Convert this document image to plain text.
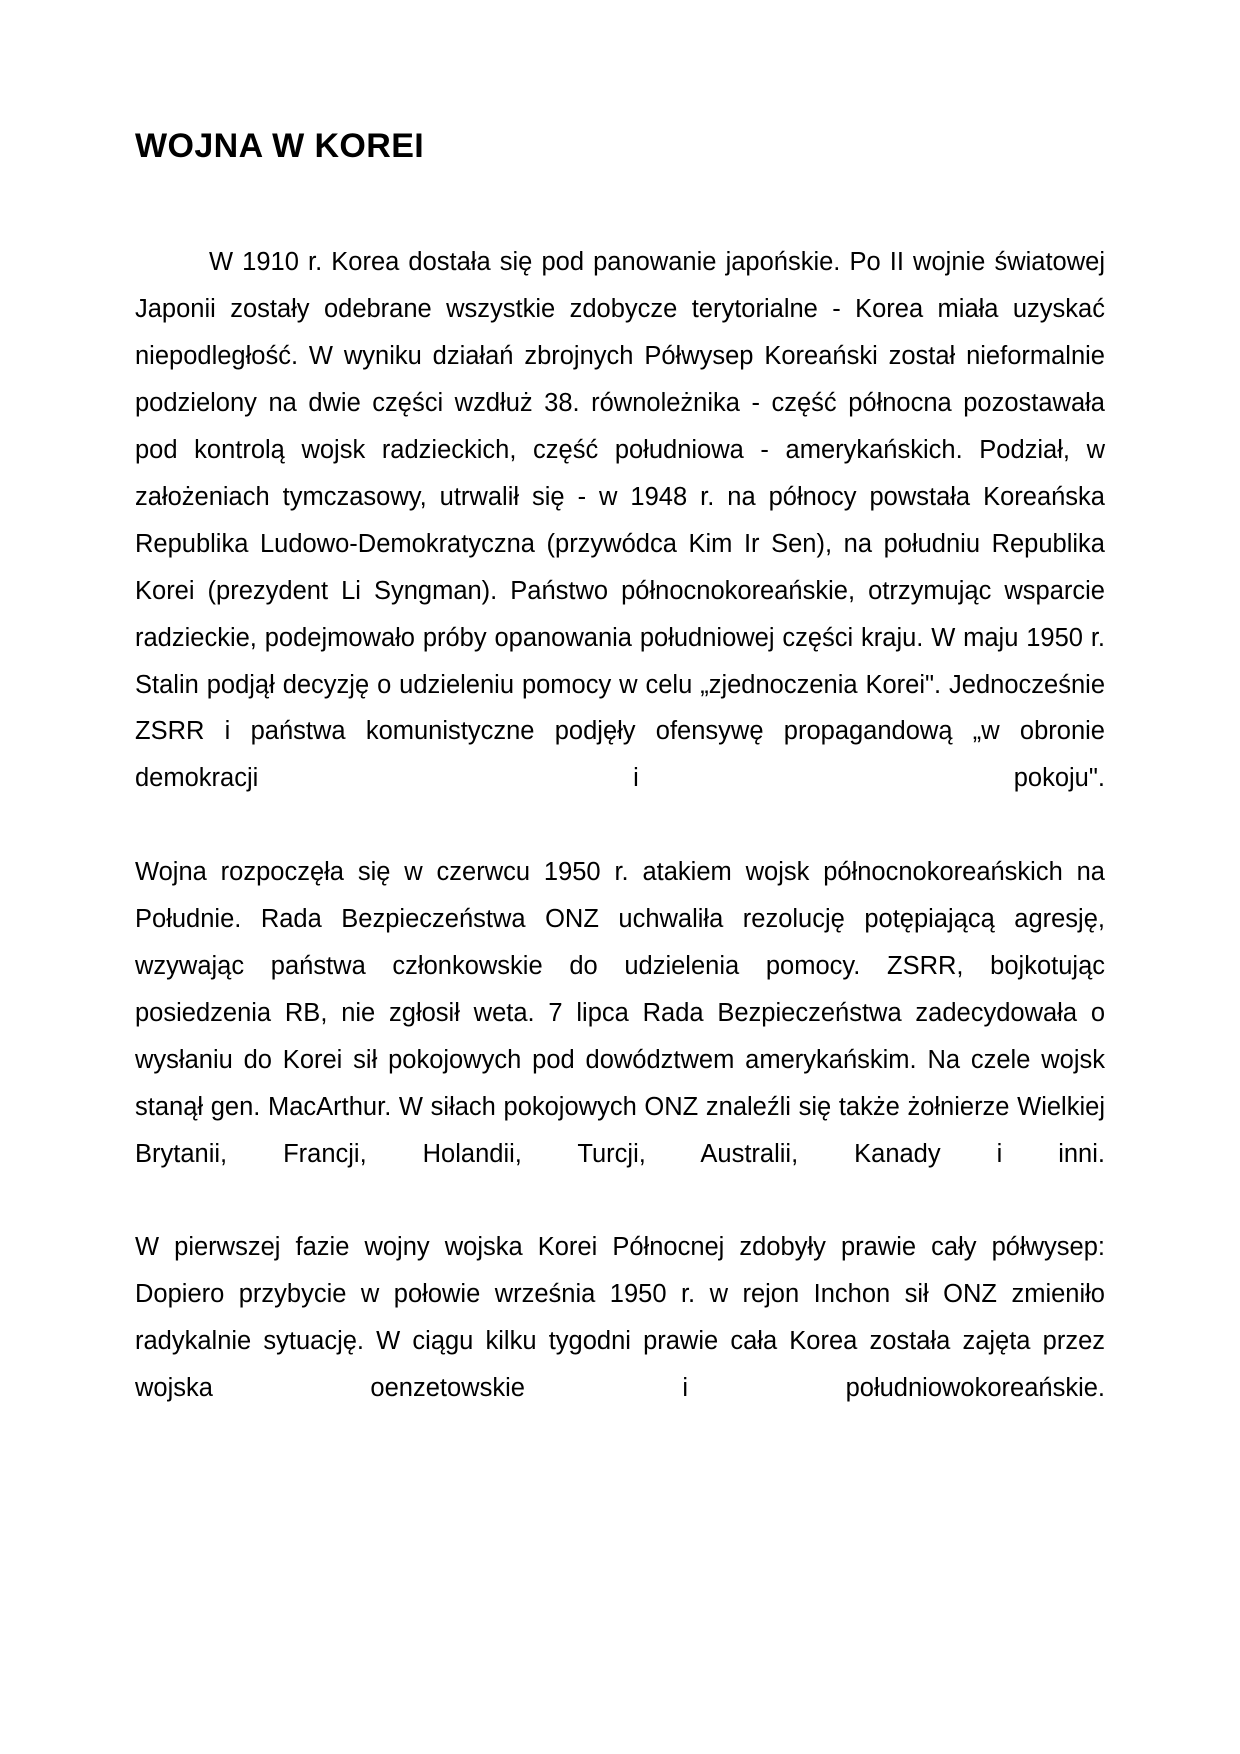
WOJNA W KOREI

W 1910 r. Korea dostała się pod panowanie japońskie. Po II wojnie światowej Japonii zostały odebrane wszystkie zdobycze terytorialne - Korea miała uzyskać niepodległość. W wyniku działań zbrojnych Półwysep Koreański został nieformalnie podzielony na dwie części wzdłuż 38. równoleżnika - część północna pozostawała pod kontrolą wojsk radzieckich, część południowa - amerykańskich. Podział, w założeniach tymczasowy, utrwalił się - w 1948 r. na północy powstała Koreańska Republika Ludowo-Demokratyczna (przywódca Kim Ir Sen), na południu Republika Korei (prezydent Li Syngman). Państwo północnokoreańskie, otrzymując wsparcie radzieckie, podejmowało próby opanowania południowej części kraju. W maju 1950 r. Stalin podjął decyzję o udzieleniu pomocy w celu „zjednoczenia Korei". Jednocześnie ZSRR i państwa komunistyczne podjęły ofensywę propagandową „w obronie demokracji i pokoju".

Wojna rozpoczęła się w czerwcu 1950 r. atakiem wojsk północnokoreańskich na Południe. Rada Bezpieczeństwa ONZ uchwaliła rezolucję potępiającą agresję, wzywając państwa członkowskie do udzielenia pomocy. ZSRR, bojkotując posiedzenia RB, nie zgłosił weta. 7 lipca Rada Bezpieczeństwa zadecydowała o wysłaniu do Korei sił pokojowych pod dowództwem amerykańskim. Na czele wojsk stanął gen. MacArthur. W siłach pokojowych ONZ znaleźli się także żołnierze Wielkiej Brytanii, Francji, Holandii, Turcji, Australii, Kanady i inni.

W pierwszej fazie wojny wojska Korei Północnej zdobyły prawie cały półwysep: Dopiero przybycie w połowie września 1950 r. w rejon Inchon sił ONZ zmieniło radykalnie sytuację. W ciągu kilku tygodni prawie cała Korea została zajęta przez wojska oenzetowskie i południowokoreańskie.
